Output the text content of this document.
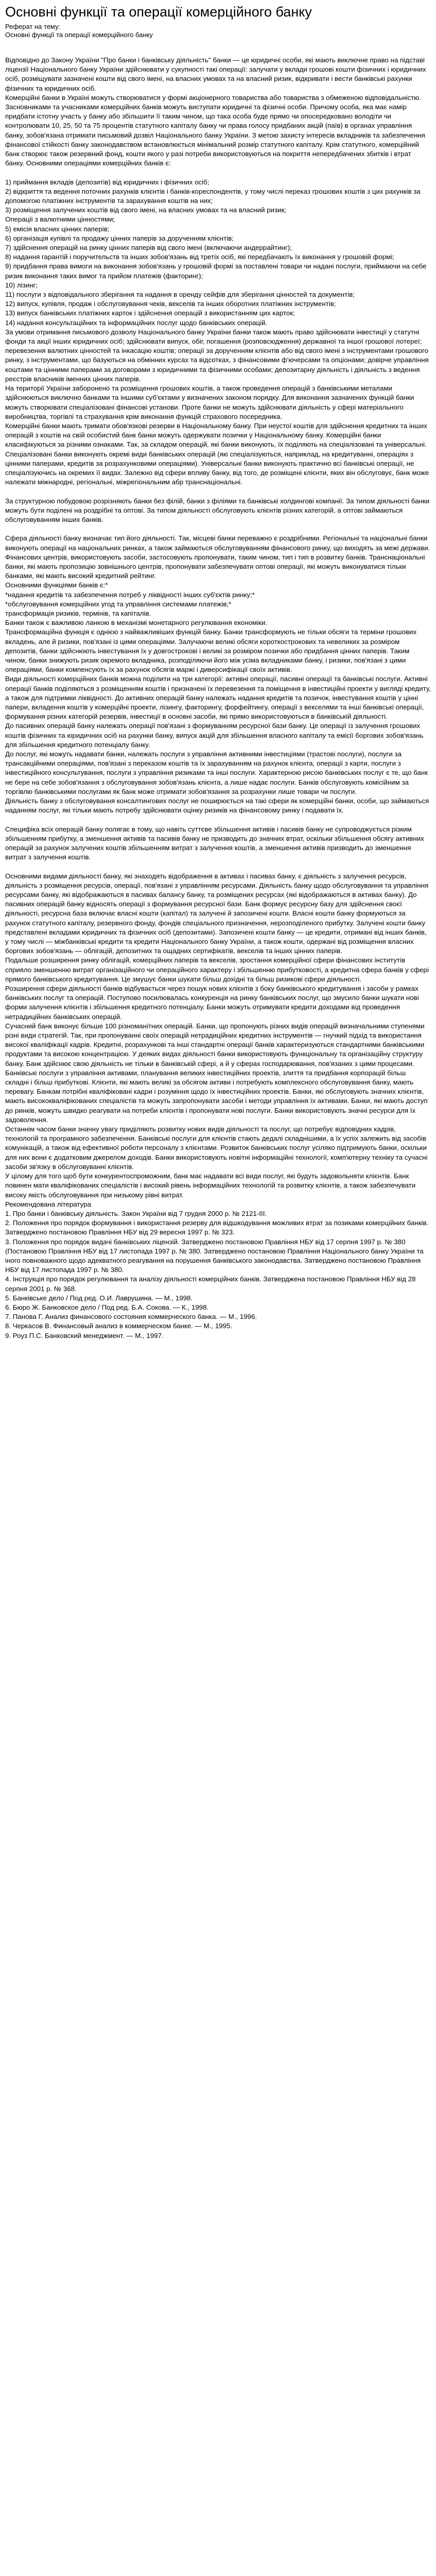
Основні функції та операції комерційного банку

Реферат на тему:

Основні функції та операції комерційного банку

Відповідно до Закону України "Про банки і банківську діяльність" банки — це юридичні особи, які мають виключне право на підставі ліцензії Національного банку України здійснювати у сукупності такі операції: залучати у вклади грошові кошти фізичних і юридичних осіб, розміщувати зазначені кошти від свого імені, на власних умовах та на власний ризик, відкривати і вести банківські рахунки фізичних та юридичних осіб.

Комерційні банки в Україні можуть створюватися у формі акціонерного товариства або товариства з обмеженою відповідальністю. Засновниками та учасниками комерційних банків можуть виступати юридичні та фізичні особи. Причому особа, яка має намір придбати істотну участь у банку або збільшити її таким чином, що така особа буде прямо чи опосередковано володіти чи контролювати 10, 25, 50 та 75 процентів статутного капіталу банку чи права голосу придбаних акцій (паїв) в органах управління банку, зобов'язана отримати письмовий дозвіл Національного банку України. З метою захисту інтересів вкладників та забезпечення фінансової стійкості банку законодавством встановлюється мінімальний розмір статутного капіталу. Крім статутного, комерційний банк створює також резервний фонд, кошти якого у разі потреби використовуються на покриття непередбачених збитків і втрат банку. Основними операціями комерційних банків є:

1) приймання вкладів (депозитів) від юридичних і фізичних осіб;

2) відкриття та ведення поточних рахунків клієнтів і банків-кореспондентів, у тому числі переказ грошових коштів з цих рахунків за допомогою платіжних інструментів та зарахування коштів на них;

3) розміщення залучених коштів від свого імені, на власних умовах та на власний ризик;

Операції з валютними цінностями;

5) емісія власних цінних паперів;

6) організація купівлі та продажу цінних паперів за дорученням клієнтів;

7) здійснення операцій на ринку цінних паперів від свого імені (включаючи андеррайтинг);

8) надання гарантій і поручительств та інших зобов'язань від третіх осіб, які передбачають їх виконання у грошовій формі;

9) придбання права вимоги на виконання зобов'язань у грошовій формі за поставлені товари чи надані послуги, приймаючи на себе ризик виконання таких вимог та прийом платежів (факторинг);

10) лізинг;

11) послуги з відповідального зберігання та надання в оренду сейфів для зберігання цінностей та документів;

12) випуск, купівля, продаж і обслуговування чеків, векселів та інших оборотних платіжних інструментів;

13) випуск банківських платіжних карток і здійснення операцій з використанням цих карток;

14) надання консультаційних та інформаційних послуг щодо банківських операцій.

За умови отримання письмового дозволу Національного банку України банки також мають право здійснювати інвестиції у статутні фонди та акції інших юридичних осіб; здійснювати випуск, обіг, погашення (розповсюдження) державної та іншої грошової лотереї; перевезення валютних цінностей та інкасацію коштів; операції за дорученням клієнтів або від свого імені з інструментами грошового ринку, з інструментами, що базуються на обмінних курсах та відсотках, з фінансовими ф'ючерсами та опціонами; довірче управління коштами та цінними паперами за договорами з юридичними та фізичними особами; депозитарну діяльність і діяльність з ведення реєстрів власників іменних цінних паперів.

На території України заборонено та розміщення грошових коштів, а також проведення операцій з банківськими металами здійснюються виключно банками та іншими суб'єктами у визначених законом порядку. Для виконання зазначених функцій банки можуть створювати спеціалізовані фінансові установи. Проте банки не можуть здійснювати діяльність у сфері матеріального виробництва, торгівлі та страхування крім виконання функцій страхового посередника.

Комерційні банки мають тримати обов'язкові резерви в Національному банку. При неустої коштів для здійснення кредитних та інших операцій з коштів на свій особистий банк банки можуть одержувати позички у Національному банку. Комерційні банки класифікуються за різними ознаками. Так, за складом операцій, які банки виконують, їх поділяють на спеціалізовані та універсальні. Спеціалізовані банки виконують окремі види банківських операцій (які спеціалізуються, наприклад, на кредитуванні, операціях з цінними паперами, кредитів за розрахунковими операціями). Універсальні банки виконують практично всі банківські операції, не спеціалізуючись на окремих її видах. Залежно від сфери впливу банку, від того, де розміщені клієнти, яких він обслуговує, банк може належати міжнародні, регіональні, міжрегіональним абр транснаціональні.

За структурною побудовою розрізняють банки без філій, банки з філіями та банківські холдингові компанії. За типом діяльності банки можуть бути поділені на роздрібні та оптові. За типом діяльності обслуговують клієнтів різних категорій, а оптові займаються обслуговуванням інших банків.

Сфера діяльності банку визначає тип його діяльності. Так, місцеві банки переважно є роздрібними. Регіональні та національні банки виконують операції на національних ринках, а також займаються обслуговуванням фінансового ринку, що виходять за межі держави. Фінансових центрів, використовують засоби, застосовують пропонувати, таким чином, тип і тип в розвитку банків. Транснаціональні банки, які мають пропозицію зовнішнього центрів, пропонувати забезпечувати оптові операції, які можуть виконуватися тільки банками, які мають високий кредитний рейтинг.

Основними функціями банків є:*

*надання кредитів та забезпечення потреб у ліквідності інших суб'єктів ринку;*

*обслуговування комерційних угод та управління системами платежів;*

трансформація ризиків, термінів, та капіталів.

Банки також є важливою ланкою в механізмі монетарного регулювання економіки.

Трансформаційна функція є однією з найважливіших функцій банку. Банки трансформують не тільки обсяги та терміни грошових вкладень, але й ризики, пов'язані із цими операціями. Залучаючи великі обсяги короткострокових та невеликих за розміром депозитів, банки здійснюють інвестування їх у довгострокові і великі за розміром позички або придбання цінних паперів. Таким чином, банки знижують ризик окремого вкладника, розподіляючи його між усіма вкладниками банку, і ризики, пов'язані з цими операціями, банки компенсують їх за рахунок обсягів маржі і диверсифікації своїх активів.

Види діяльності комерційних банків можна поділити на три категорії: активні операції, пасивні операції та банківські послуги. Активні операції банків поділяються з розміщенням коштів і призначені їх перевезення та поміщення в інвестиційні проекти у вигляді кредиту, а також для підтримки ліквідності. До активних операцій банку належать надання кредитів та позичок, інвестування коштів у цінні папери, вкладення коштів у комерційні проекти, лізингу, факторингу, форфейтингу, операції з векселями та інші банківські операції, формування різних категорій резервів, інвестиції в основні засоби, які прямо використовуються в банківській діяльності.

До пасивних операцій банку належать операції пов'язані з формуванням ресурсної бази банку. Це операції із залучення грошових коштів фізичних та юридичних осіб на рахунки банку, випуск акцій для збільшення власного капіталу та емісії боргових зобов'язань для збільшення кредитного потенціалу банку.

До послуг, які можуть надавати банки, належать послуги з управління активними інвестиціями (трастові послуги), послуги за трансакційними операціями, пов'язані з переказом коштів та їх зарахуванням на рахунок клієнта, операції з карти, послуги з інвестиційного консультування, послуги з управління ризиками та інші послуги. Характерною рисою банківських послуг є те, що банк не бере на себе зобов'язання з обслуговування зобов'язань клієнта, а лише надає послуги. Банків обслуговують комісійним за торгівлю банківськими послугами як банк може отримати зобов'язання за розрахунки лише товари чи послуги.

Діяльність банку з обслуговування консалтингових послуг не поширюється на такі сфери як комерційні банки, особи, що займаються наданням послуг, які тільки мають потребу здійснювати оцінку ризиків на фінансовому ринку і подавати їх.

Специфіка всіх операцій банку полягає в тому, що навіть суттєве збільшення активів і пасивів банку не супроводжується різким збільшенням прибутку, а зменшення активів та пасивів банку не призводить до значних втрат, оскільки збільшення обсягу активних операцій за рахунок залучених коштів збільшенням витрат з залучення коштів, а зменшення активів призводить до зменшення витрат з залучення коштів.

Основними видами діяльності банку, які знаходять відображення в активах і пасивах банку, є діяльність з залучення ресурсів, діяльність з розміщення ресурсів, операції, пов'язані з управлінням ресурсами. Діяльність банку щодо обслуговування та управління ресурсами банку, які відображаються в пасивах балансу банку, та розміщених ресурсах (які відображаються в активах банку). До пасивних операцій банку відносять операції з формування ресурсної бази. Банк формує ресурсну базу для здійснення своєї діяльності, ресурсна база включає власні кошти (капітал) та залучені й запозичені кошти. Власні кошти банку формуються за рахунок статутного капіталу, резервного фонду, фондів спеціального призначення, нерозподіленого прибутку. Залучені кошти банку представлені вкладами юридичних та фізичних осіб (депозитами). Запозичені кошти банку — це кредити, отримані від інших банків, у тому числі — міжбанківські кредити та кредити Національного банку України, а також кошти, одержані від розміщення власних боргових зобов'язань — облігацій, депозитних та ощадних сертифікатів, векселів та інших цінних паперів.

Подальше розширення ринку облігацій, комерційних паперів та векселів, зростання комерційної сфери фінансових інститутів сприяло зменшенню витрат організаційного чи операційного характеру і збільшенню прибутковості, а кредитна сфера банків у сфері прямого банківського кредитування. Це змушує банки шукати більш дохідні та більш ризикові сфери діяльності.

Розширення сфери діяльності банків відбувається через пошук нових клієнтів з боку банківського кредитування і засоби у рамках банківських послуг та операцій. Поступово посилювалась конкуренція на ринку банківських послуг, що змусило банки шукати нові форми залучення клієнтів і збільшення кредитного потенціалу. Банки можуть отримувати кредити доходами від проведення нетрадиційних банківських операцій.

Сучасний банк виконує більше 100 різноманітних операцій. Банки, що пропонують різних видів операцій визначальними ступенями різні види стратегій. Так, при пропонуванні своїх операцій нетрадиційних кредитних інструментів — гнучкий підхід та використання високої кваліфікації кадрів. Кредитні, розрахункові та інші стандартні операції банків характеризуються стандартними банківськими продуктами та високою концентрацією. У деяких видах діяльності банки використовують функціональну та організаційну структуру банку. Банк здійснює свою діяльність не тільки в банківській сфері, а й у сферах господарювання, пов'язаних з цими процесами.

Банківські послуги з управління активами, планування великих інвестиційних проектів, злиття та придбання корпорацій більш складні і більш прибуткові. Клієнти, які мають великі за обсягом активи і потребують комплексного обслуговування банку, мають перевагу. Банкам потрібні кваліфіковані кадри і розуміння щодо їх інвестиційних проектів. Банки, які обслуговують значних клієнтів, мають висококваліфікованих спеціалістів та можуть запропонувати засоби і методи управління їх активами. Банки, які мають доступ до ринків, можуть швидко реагувати на потреби клієнтів і пропонувати нові послуги. Банки використовують значні ресурси для їх задоволення.

Останнім часом банки значну увагу приділяють розвитку нових видів діяльності та послуг, що потребує відповідних кадрів, технологій та програмного забезпечення. Банківські послуги для клієнтів стають дедалі складнішими, а їх успіх залежить від засобів комунікацій, а також від ефективної роботи персоналу з клієнтами. Розвиток банківських послуг усіляко підтримують банки, оскільки для них вони є додатковим джерелом доходів. Банки використовують новітні інформаційні технології, комп'ютерну техніку та сучасні засоби зв'язку в обслуговуванні клієнтів.

У цілому для того щоб бути конкурентоспроможним, банк має надавати всі види послуг, які будуть задовольняти клієнтів. Банк повинен мати кваліфікованих спеціалістів і високий рівень інформаційних технологій та розвитку клієнтів, а також забезпечувати високу якість обслуговування при низькому рівні витрат.

Рекомендована література

1. Про банки і банківську діяльність. Закон України від 7 грудня 2000 р. № 2121-ІІІ.

2. Положення про порядок формування і використання резерву для відшкодування можливих втрат за позиками комерційних банків. Затверджено постановою Правління НБУ від 29 вересня 1997 р. № 323.

3. Положення про порядок видачі банківських ліцензій. Затверджено постановою Правління НБУ від 17 серпня 1997 р. № 380 (Постановою Правління НБУ від 17 листопада 1997 р. № 380. Затверджено постановою Правління Національного банку України та іного повноважного щодо адекватного реагування на порушення банківського законодавства. Затверджено постановою Правління НБУ від 17 листопада 1997 р. № 380.

4. Інструкція про порядок регулювання та аналізу діяльності комерційних банків. Затверджена постановою Правління НБУ від 28 серпня 2001 р. № 368.

5. Банківське дело / Под ред. О.И. Лаврушина. — М., 1998.

6. Бюро Ж. Банковское дело / Под ред. Б.А. Сокова. — К., 1998.

7. Панова Г. Анализ финансового состояния коммерческого банка. — М., 1996.

8. Черкасов В. Финансовый анализ в коммерческом банке. — М., 1995.

9. Роуз П.С. Банковский менеджмент. — М., 1997.
